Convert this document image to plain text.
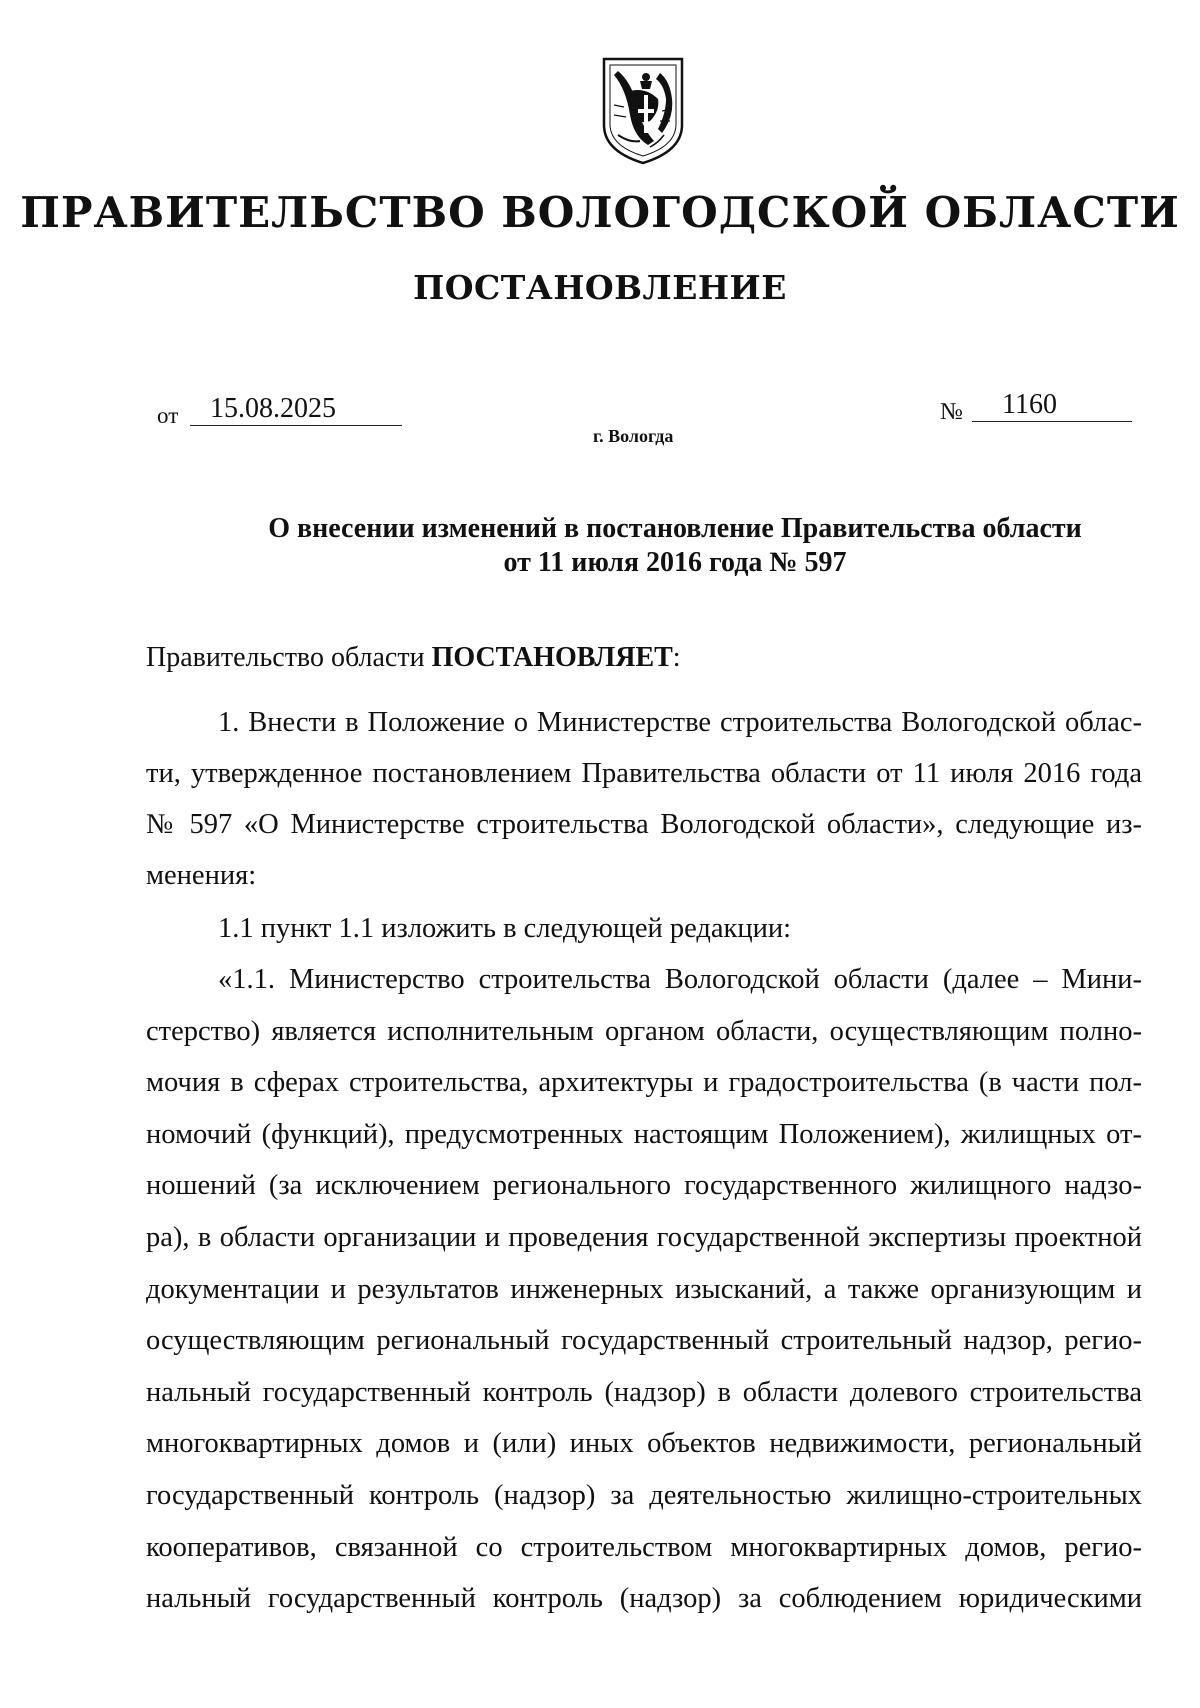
ПРАВИТЕЛЬСТВО ВОЛОГОДСКОЙ ОБЛАСТИ
ПОСТАНОВЛЕНИЕ
от	15.08.2025	№	1160
г. Вологда
О внесении изменений в постановление Правительства области
от 11 июля 2016 года № 597
Правительство области ПОСТАНОВЛЯЕТ:
1. Внести в Положение о Министерстве строительства Вологодской облас-
ти, утвержденное постановлением Правительства области от 11 июля 2016 года
№ 597 «О Министерстве строительства Вологодской области», следующие из-
менения:
1.1 пункт 1.1 изложить в следующей редакции:
«1.1. Министерство строительства Вологодской области (далее – Мини-
стерство) является исполнительным органом области, осуществляющим полно-
мочия в сферах строительства, архитектуры и градостроительства (в части пол-
номочий (функций), предусмотренных настоящим Положением), жилищных от-
ношений (за исключением регионального государственного жилищного надзо-
ра), в области организации и проведения государственной экспертизы проектной
документации и результатов инженерных изысканий, а также организующим и
осуществляющим региональный государственный строительный надзор, регио-
нальный государственный контроль (надзор) в области долевого строительства
многоквартирных домов и (или) иных объектов недвижимости, региональный
государственный контроль (надзор) за деятельностью жилищно-строительных
кооперативов, связанной со строительством многоквартирных домов, регио-
нальный государственный контроль (надзор) за соблюдением юридическими
